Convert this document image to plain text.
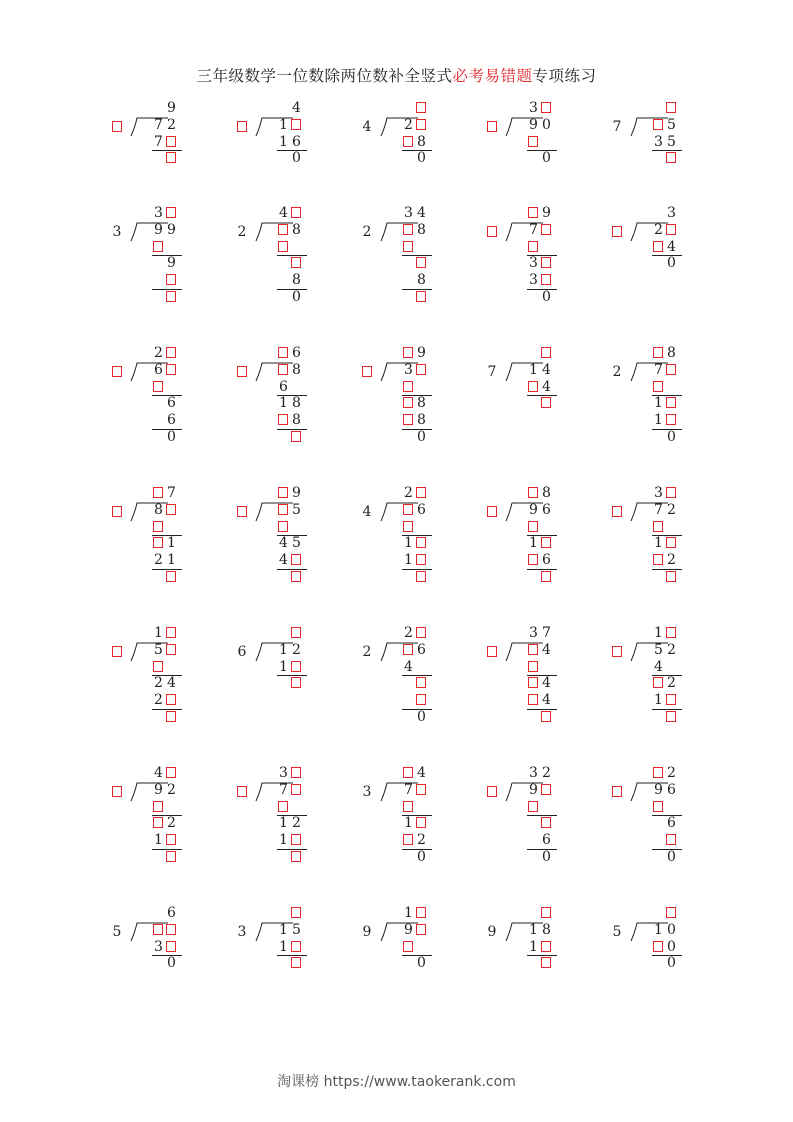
三年级数学一位数除两位数补全竖式必考易错题专项练习
9
7 2
7
4
1
1 6
0
4 2
8
0
3
9 0
0
7	5
3 5
3
3
9 9
9
2
4
8
8
0
2
3 4
8
8
9
7
3
3
0
3
2
4
0
2
6
6
6
0
6
8
6
1 8
8
9
3
8
8
0
7 1 4
4
2
8
7
1
1
0
7
8
1
2 1
9
5
4 5
4
4
2
6
1
1
8
9 6
1
6
3
7 2
1
2
1
5
2 4
2
6 1 2
1
2
2
6
4
0
3 7
4
4
4
1
5 2
4
2
1
4
9 2
2
1
3
7
1 2
1
3
4
7
1
2
0
3 2
9
6
0
2
9 6
6
0
5
6
3
0
3 1 5
1
9
1
9
0
9 1 8
1
5 1 0
0
0
淘课榜 https://www.taokerank.com
